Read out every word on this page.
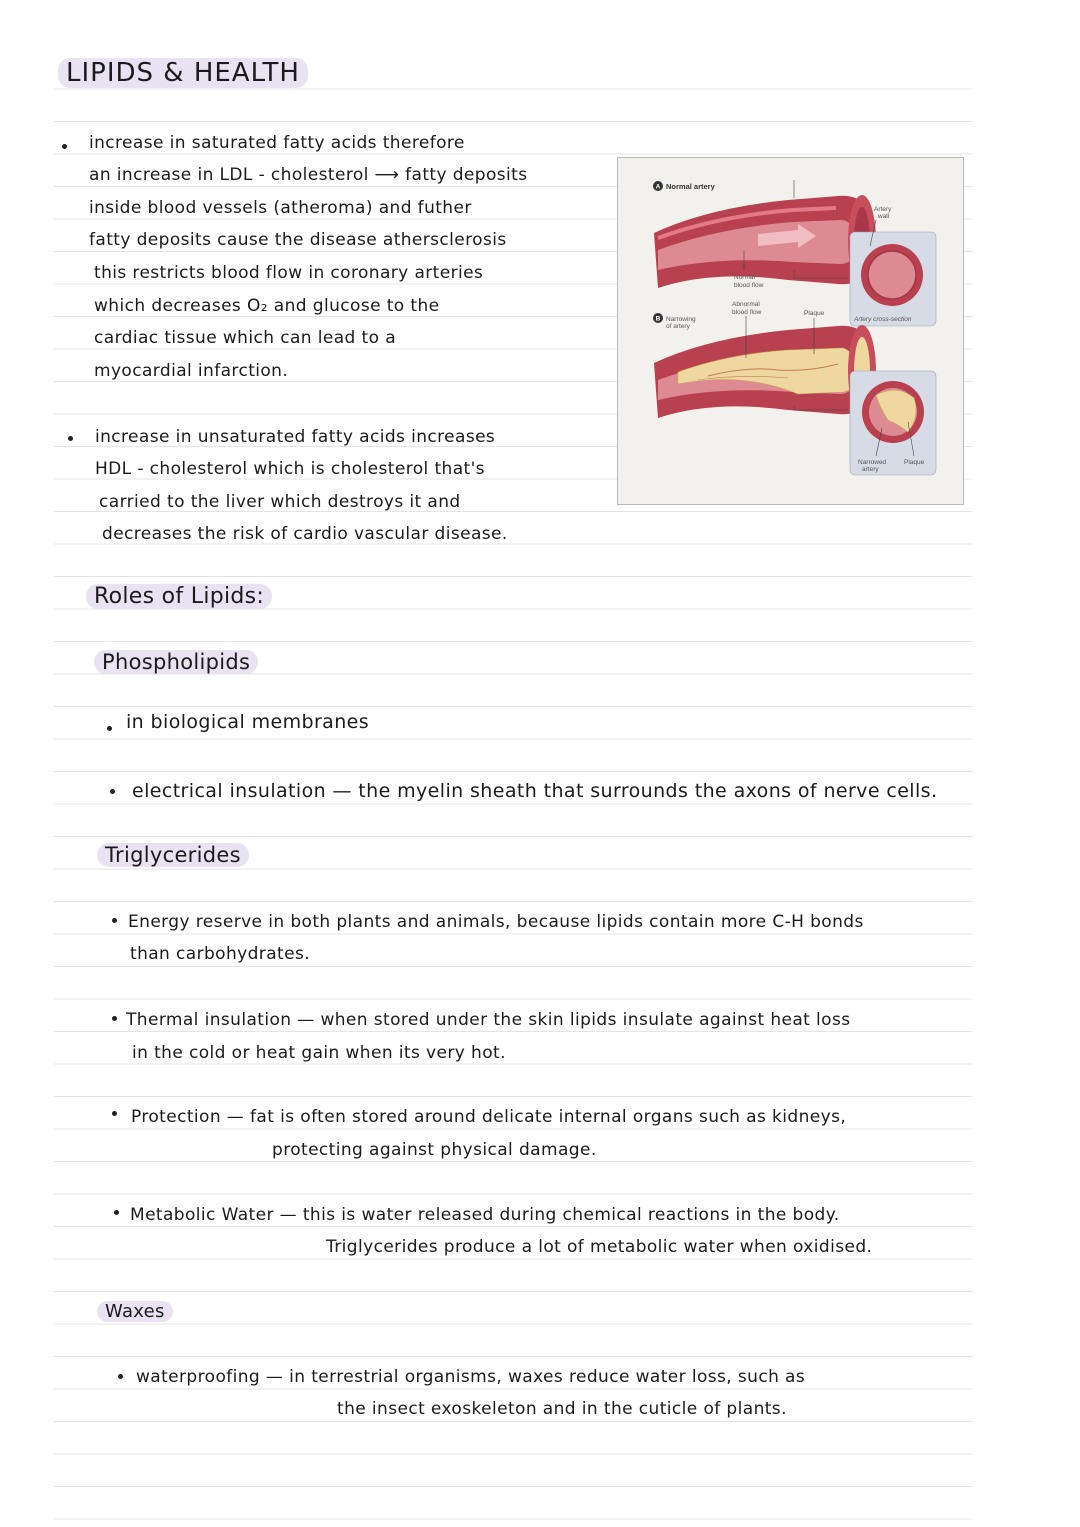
LIPIDS & HEALTH
increase in saturated fatty acids therefore
an increase in LDL - cholesterol ⟶ fatty deposits
inside blood vessels (atheroma) and futher
fatty deposits cause the disease athersclerosis
this restricts blood flow in coronary arteries
which decreases O₂ and glucose to the
cardiac tissue which can lead to a
myocardial infarction.
increase in unsaturated fatty acids increases
HDL - cholesterol which is cholesterol that's
carried to the liver which destroys it and
decreases the risk of cardio vascular disease.
A Normal artery
Normal
blood flow
Artery
wall
Artery cross-section
B Narrowing
of artery
Abnormal
blood flow	Plaque
Narrowed
artery
Plaque
Roles of Lipids:
Phospholipids
in biological membranes
electrical insulation — the myelin sheath that surrounds the axons of nerve cells.
Triglycerides
Energy reserve in both plants and animals, because lipids contain more C-H bonds
than carbohydrates.
Thermal insulation — when stored under the skin lipids insulate against heat loss
in the cold or heat gain when its very hot.
Protection — fat is often stored around delicate internal organs such as kidneys,
protecting against physical damage.
Metabolic Water — this is water released during chemical reactions in the body.
Triglycerides produce a lot of metabolic water when oxidised.
Waxes
waterproofing — in terrestrial organisms, waxes reduce water loss, such as
the insect exoskeleton and in the cuticle of plants.
